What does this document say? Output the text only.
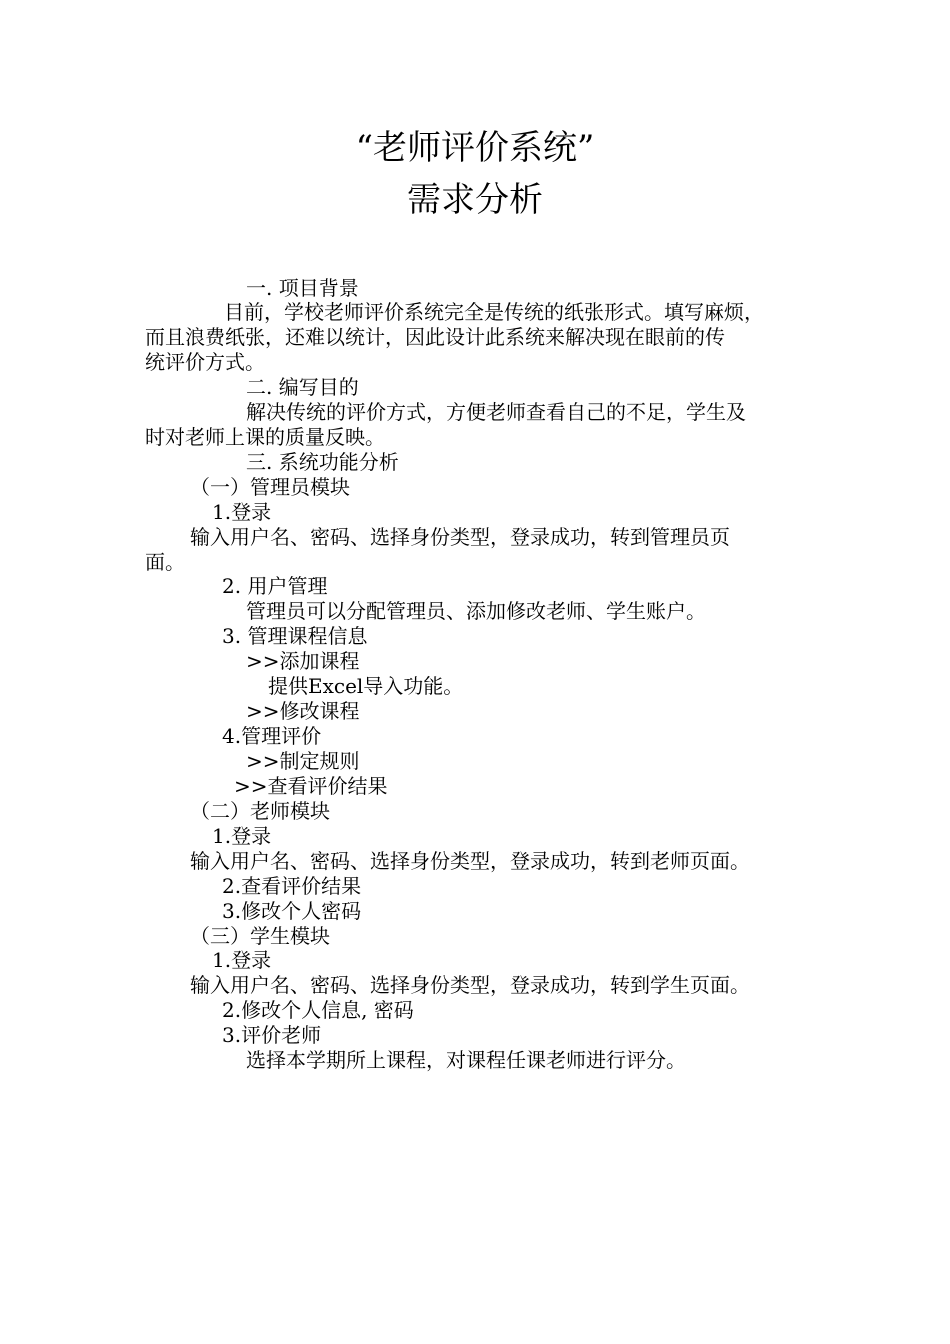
“老师评价系统”
需求分析
一. 项目背景
目前，学校老师评价系统完全是传统的纸张形式。填写麻烦，
而且浪费纸张，还难以统计，因此设计此系统来解决现在眼前的传
统评价方式。
二. 编写目的
解决传统的评价方式，方便老师查看自己的不足，学生及
时对老师上课的质量反映。
三. 系统功能分析
（一）管理员模块
1.登录
输入用户名、密码、选择身份类型，登录成功，转到管理员页
面。
2. 用户管理
管理员可以分配管理员、添加修改老师、学生账户。
3. 管理课程信息
>>添加课程
提供Excel导入功能。
>>修改课程
4.管理评价
>>制定规则
>>查看评价结果
（二）老师模块
1.登录
输入用户名、密码、选择身份类型，登录成功，转到老师页面。
2.查看评价结果
3.修改个人密码
（三）学生模块
1.登录
输入用户名、密码、选择身份类型，登录成功，转到学生页面。
2.修改个人信息, 密码
3.评价老师
选择本学期所上课程，对课程任课老师进行评分。
